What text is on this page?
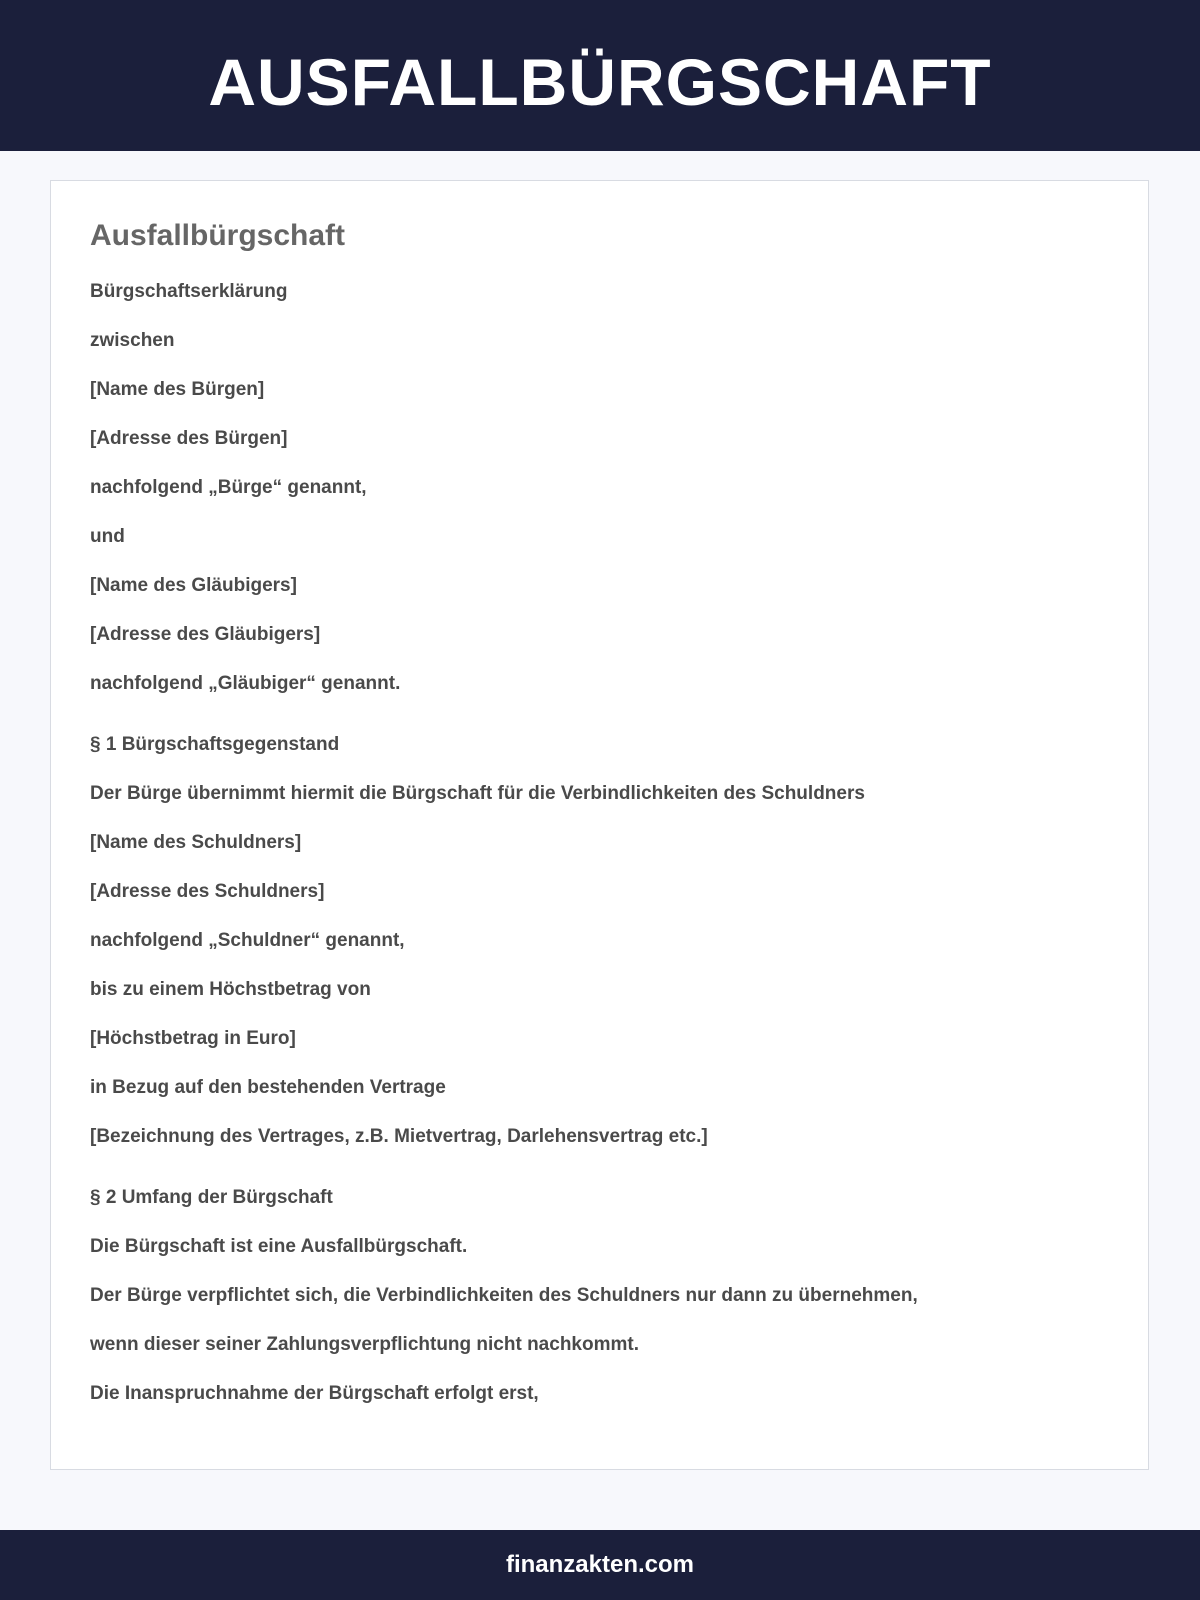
AUSFALLBÜRGSCHAFT
Ausfallbürgschaft

Bürgschaftserklärung

zwischen

[Name des Bürgen]

[Adresse des Bürgen]

nachfolgend „Bürge“ genannt,

und

[Name des Gläubigers]

[Adresse des Gläubigers]

nachfolgend „Gläubiger“ genannt.

§ 1 Bürgschaftsgegenstand

Der Bürge übernimmt hiermit die Bürgschaft für die Verbindlichkeiten des Schuldners

[Name des Schuldners]

[Adresse des Schuldners]

nachfolgend „Schuldner“ genannt,

bis zu einem Höchstbetrag von

[Höchstbetrag in Euro]

in Bezug auf den bestehenden Vertrage

[Bezeichnung des Vertrages, z.B. Mietvertrag, Darlehensvertrag etc.]

§ 2 Umfang der Bürgschaft

Die Bürgschaft ist eine Ausfallbürgschaft.

Der Bürge verpflichtet sich, die Verbindlichkeiten des Schuldners nur dann zu übernehmen,

wenn dieser seiner Zahlungsverpflichtung nicht nachkommt.

Die Inanspruchnahme der Bürgschaft erfolgt erst,

finanzakten.com
